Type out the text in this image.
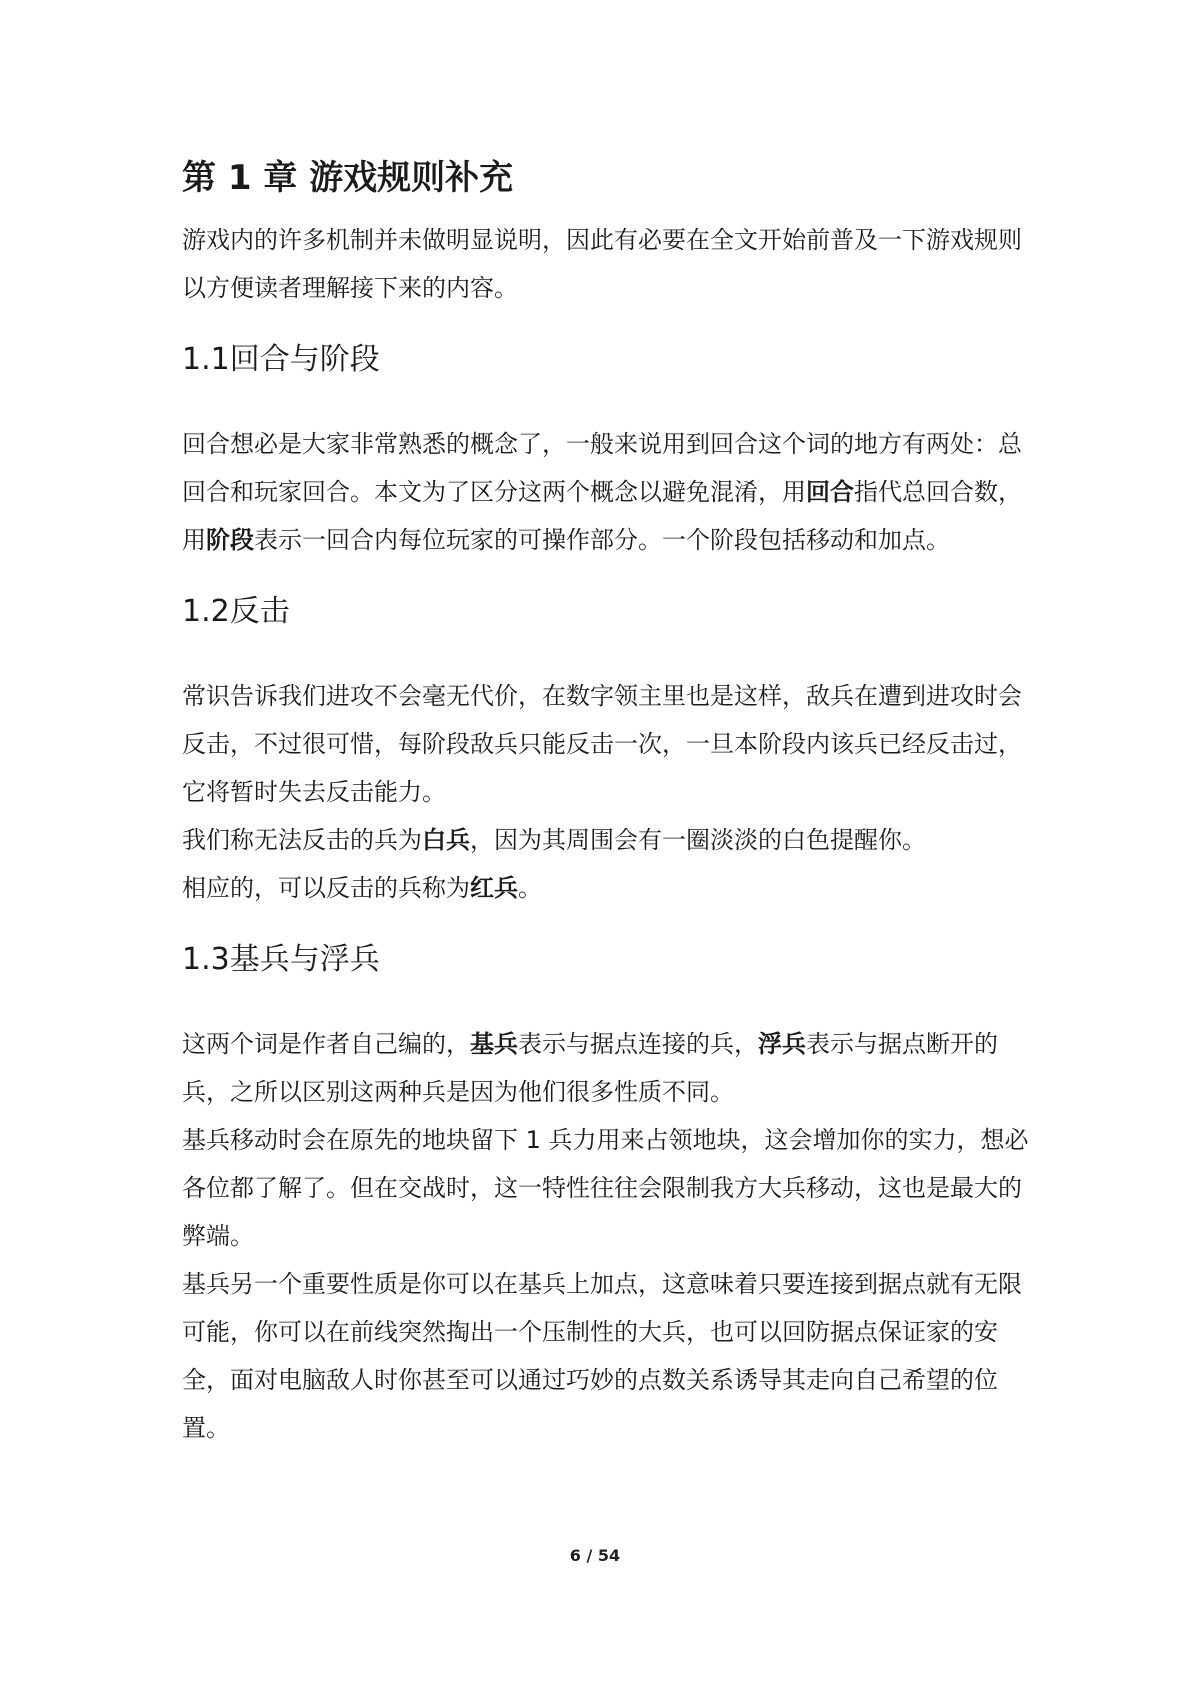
第 1 章 游戏规则补充

游戏内的许多机制并未做明显说明，因此有必要在全文开始前普及一下游戏规则以方便读者理解接下来的内容。

1.1回合与阶段

回合想必是大家非常熟悉的概念了，一般来说用到回合这个词的地方有两处：总回合和玩家回合。本文为了区分这两个概念以避免混淆，用回合指代总回合数，用阶段表示一回合内每位玩家的可操作部分。一个阶段包括移动和加点。

1.2反击

常识告诉我们进攻不会毫无代价，在数字领主里也是这样，敌兵在遭到进攻时会反击，不过很可惜，每阶段敌兵只能反击一次，一旦本阶段内该兵已经反击过，它将暂时失去反击能力。

我们称无法反击的兵为白兵，因为其周围会有一圈淡淡的白色提醒你。

相应的，可以反击的兵称为红兵。

1.3基兵与浮兵

这两个词是作者自己编的，基兵表示与据点连接的兵，浮兵表示与据点断开的兵，之所以区别这两种兵是因为他们很多性质不同。

基兵移动时会在原先的地块留下 1 兵力用来占领地块，这会增加你的实力，想必各位都了解了。但在交战时，这一特性往往会限制我方大兵移动，这也是最大的弊端。

基兵另一个重要性质是你可以在基兵上加点，这意味着只要连接到据点就有无限可能，你可以在前线突然掏出一个压制性的大兵，也可以回防据点保证家的安全，面对电脑敌人时你甚至可以通过巧妙的点数关系诱导其走向自己希望的位置。

6 / 54
